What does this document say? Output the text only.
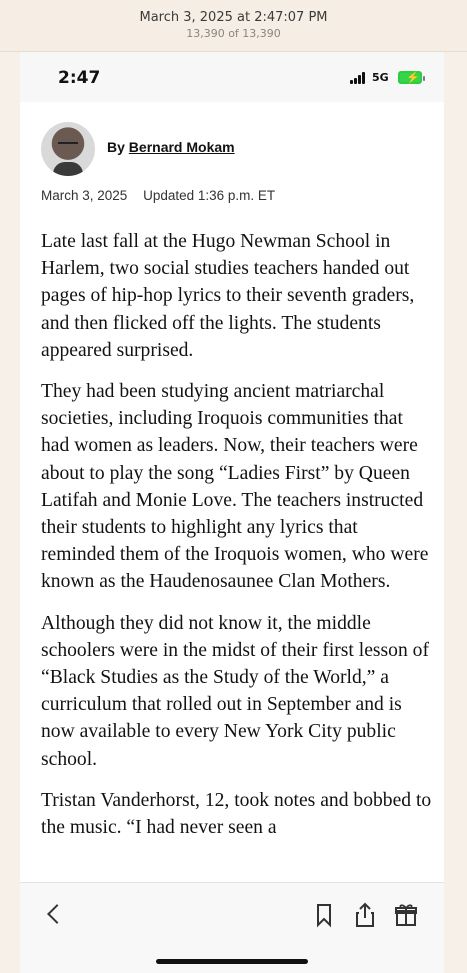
March 3, 2025 at 2:47:07 PM
13,390 of 13,390
2:47	5G ⚡
By Bernard Mokam
March 3, 2025 Updated 1:36 p.m. ET

Late last fall at the Hugo Newman School in Harlem, two social studies teachers handed out pages of hip-hop lyrics to their seventh graders, and then flicked off the lights. The students appeared surprised.

They had been studying ancient matriarchal societies, including Iroquois communities that had women as leaders. Now, their teachers were about to play the song “Ladies First” by Queen Latifah and Monie Love. The teachers instructed their students to highlight any lyrics that reminded them of the Iroquois women, who were known as the Haudenosaunee Clan Mothers.

Although they did not know it, the middle schoolers were in the midst of their first lesson of “Black Studies as the Study of the World,” a curriculum that rolled out in September and is now available to every New York City public school.

Tristan Vanderhorst, 12, took notes and bobbed to the music. “I had never seen a
